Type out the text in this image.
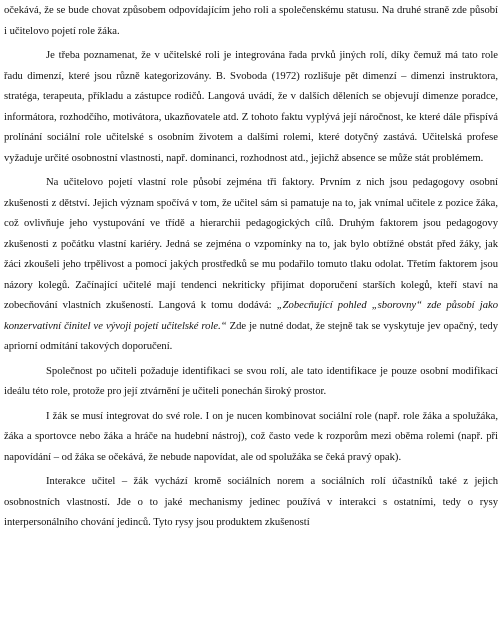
očekává, že se bude chovat způsobem odpovídajícím jeho roli a společenskému statusu. Na druhé straně zde působí i učitelovo pojetí role žáka.

Je třeba poznamenat, že v učitelské roli je integrována řada prvků jiných rolí, díky čemuž má tato role řadu dimenzí, které jsou různě kategorizovány. B. Svoboda (1972) rozlišuje pět dimenzí – dimenzi instruktora, stratéga, terapeuta, příkladu a zástupce rodičů. Langová uvádí, že v dalších děleních se objevují dimenze poradce, informátora, rozhodčího, motivátora, ukazňovatele atd. Z tohoto faktu vyplývá její náročnost, ke které dále přispívá prolínání sociální role učitelské s osobním životem a dalšími rolemi, které dotyčný zastává. Učitelská profese vyžaduje určité osobnostní vlastnosti, např. dominanci, rozhodnost atd., jejichž absence se může stát problémem.

Na učitelovo pojetí vlastní role působí zejména tři faktory. Prvním z nich jsou pedagogovy osobní zkušenosti z dětství. Jejich význam spočívá v tom, že učitel sám si pamatuje na to, jak vnímal učitele z pozice žáka, což ovlivňuje jeho vystupování ve třídě a hierarchii pedagogických cílů. Druhým faktorem jsou pedagogovy zkušenosti z počátku vlastní kariéry. Jedná se zejména o vzpomínky na to, jak bylo obtížné obstát před žáky, jak žáci zkoušeli jeho trpělivost a pomocí jakých prostředků se mu podařilo tomuto tlaku odolat. Třetím faktorem jsou názory kolegů. Začínající učitelé mají tendenci nekriticky přijímat doporučení starších kolegů, kteří staví na zobecňování vlastních zkušeností. Langová k tomu dodává: „Zobecňující pohled „sborovny“ zde působí jako konzervativní činitel ve vývoji pojetí učitelské role.“ Zde je nutné dodat, že stejně tak se vyskytuje jev opačný, tedy apriorní odmítání takových doporučení.

Společnost po učiteli požaduje identifikaci se svou rolí, ale tato identifikace je pouze osobní modifikací ideálu této role, protože pro její ztvárnění je učiteli ponechán široký prostor.

I žák se musí integrovat do své role. I on je nucen kombinovat sociální role (např. role žáka a spolužáka, žáka a sportovce nebo žáka a hráče na hudební nástroj), což často vede k rozporům mezi oběma rolemi (např. při napovídání – od žáka se očekává, že nebude napovídat, ale od spolužáka se čeká pravý opak).

Interakce učitel – žák vychází kromě sociálních norem a sociálních rolí účastníků také z jejich osobnostních vlastností. Jde o to jaké mechanismy jedinec používá v interakci s ostatními, tedy o rysy interpersonálního chování jedinců. Tyto rysy jsou produktem zkušeností
